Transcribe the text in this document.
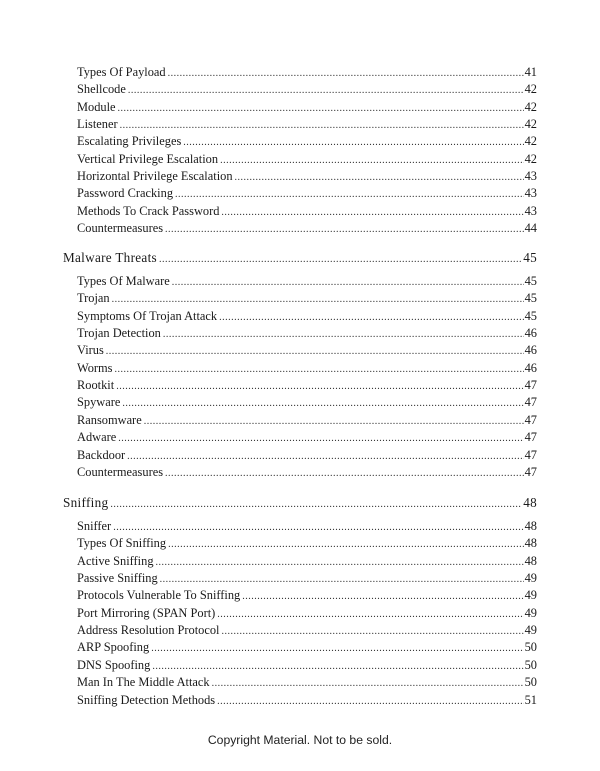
Types Of Payload .....	41
Shellcode .....	42
Module .....	42
Listener .....	42
Escalating Privileges .....	42
Vertical Privilege Escalation .....	42
Horizontal Privilege Escalation .....	43
Password Cracking .....	43
Methods To Crack Password .....	43
Countermeasures .....	44
Malware Threats .....	45
Types Of Malware .....	45
Trojan .....	45
Symptoms Of Trojan Attack .....	45
Trojan Detection .....	46
Virus .....	46
Worms .....	46
Rootkit .....	47
Spyware .....	47
Ransomware .....	47
Adware .....	47
Backdoor .....	47
Countermeasures .....	47
Sniffing .....	48
Sniffer .....	48
Types Of Sniffing .....	48
Active Sniffing .....	48
Passive Sniffing .....	49
Protocols Vulnerable To Sniffing .....	49
Port Mirroring (SPAN Port) .....	49
Address Resolution Protocol .....	49
ARP Spoofing .....	50
DNS Spoofing .....	50
Man In The Middle Attack .....	50
Sniffing Detection Methods .....	51
Copyright Material. Not to be sold.
